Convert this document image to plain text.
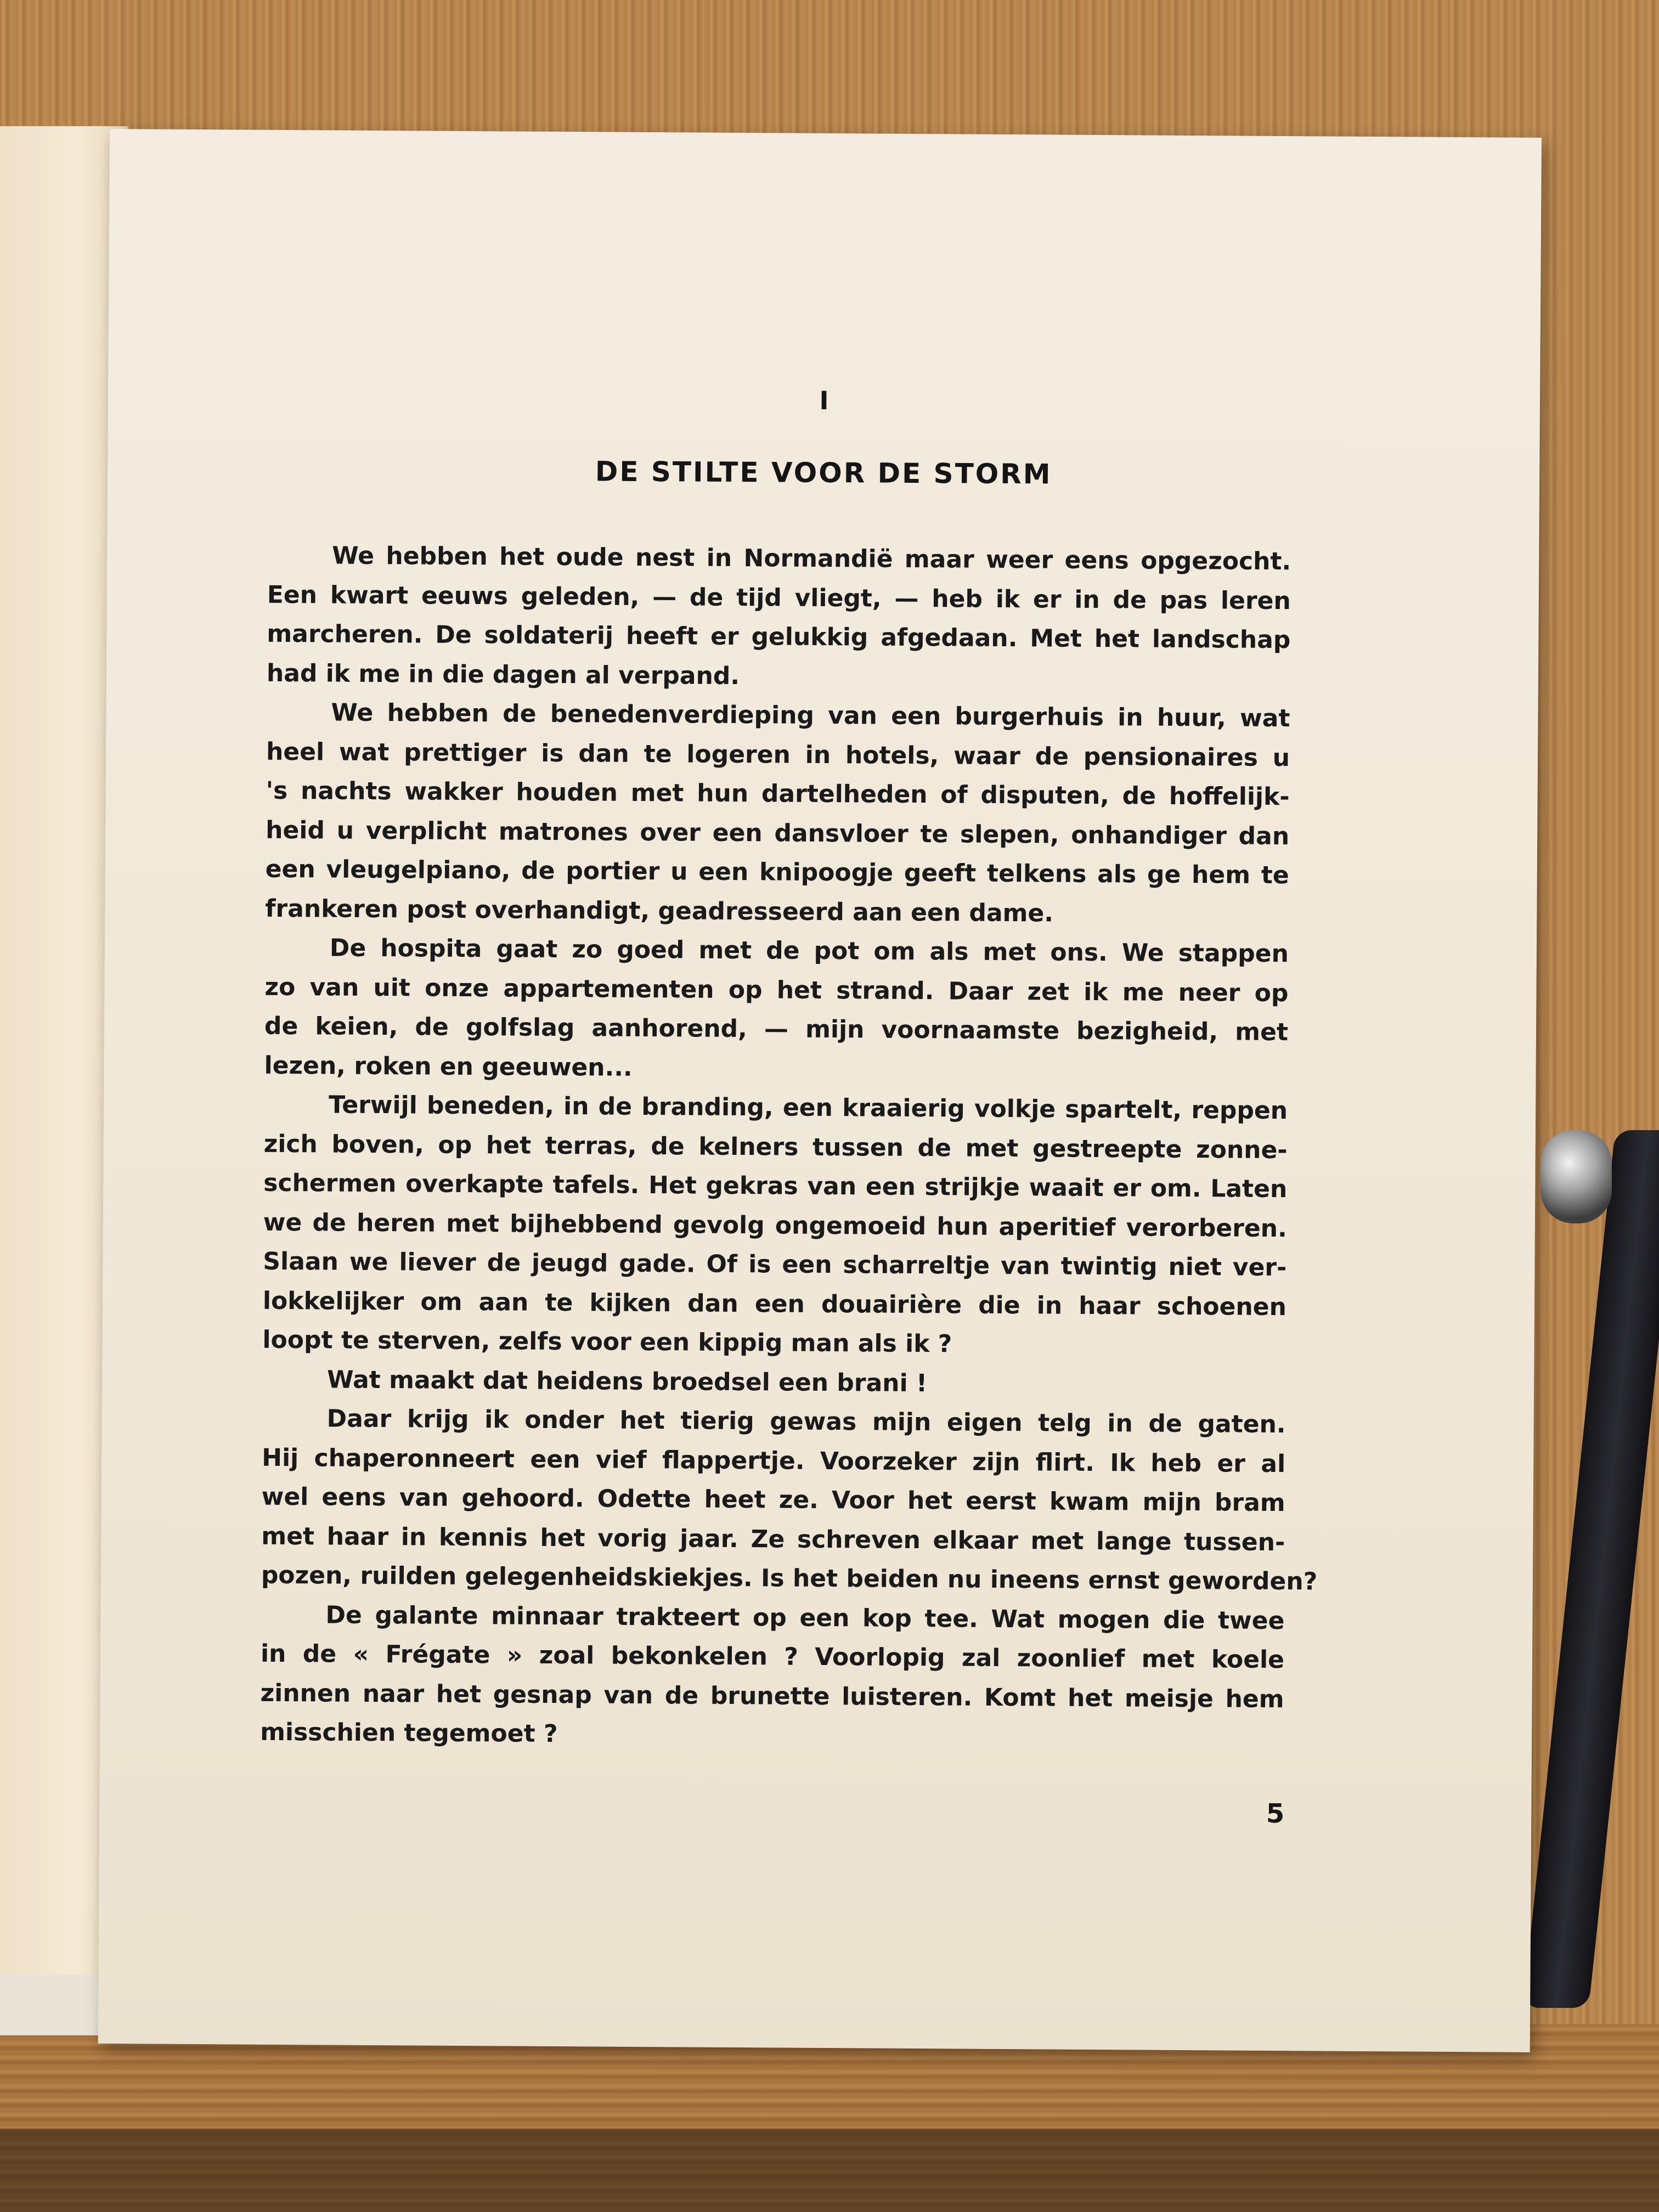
I
DE STILTE VOOR DE STORM
We hebben het oude nest in Normandië maar weer eens opgezocht.
Een kwart eeuws geleden, — de tijd vliegt, — heb ik er in de pas leren
marcheren. De soldaterij heeft er gelukkig afgedaan. Met het landschap
had ik me in die dagen al verpand.
We hebben de benedenverdieping van een burgerhuis in huur, wat
heel wat prettiger is dan te logeren in hotels, waar de pensionaires u
's nachts wakker houden met hun dartelheden of disputen, de hoffelijk-
heid u verplicht matrones over een dansvloer te slepen, onhandiger dan
een vleugelpiano, de portier u een knipoogje geeft telkens als ge hem te
frankeren post overhandigt, geadresseerd aan een dame.
De hospita gaat zo goed met de pot om als met ons. We stappen
zo van uit onze appartementen op het strand. Daar zet ik me neer op
de keien, de golfslag aanhorend, — mijn voornaamste bezigheid, met
lezen, roken en geeuwen...
Terwijl beneden, in de branding, een kraaierig volkje spartelt, reppen
zich boven, op het terras, de kelners tussen de met gestreepte zonne-
schermen overkapte tafels. Het gekras van een strijkje waait er om. Laten
we de heren met bijhebbend gevolg ongemoeid hun aperitief verorberen.
Slaan we liever de jeugd gade. Of is een scharreltje van twintig niet ver-
lokkelijker om aan te kijken dan een douairière die in haar schoenen
loopt te sterven, zelfs voor een kippig man als ik ?
Wat maakt dat heidens broedsel een brani !
Daar krijg ik onder het tierig gewas mijn eigen telg in de gaten.
Hij chaperonneert een vief flappertje. Voorzeker zijn flirt. Ik heb er al
wel eens van gehoord. Odette heet ze. Voor het eerst kwam mijn bram
met haar in kennis het vorig jaar. Ze schreven elkaar met lange tussen-
pozen, ruilden gelegenheidskiekjes. Is het beiden nu ineens ernst geworden?
De galante minnaar trakteert op een kop tee. Wat mogen die twee
in de « Frégate » zoal bekonkelen ? Voorlopig zal zoonlief met koele
zinnen naar het gesnap van de brunette luisteren. Komt het meisje hem
misschien tegemoet ?
5
